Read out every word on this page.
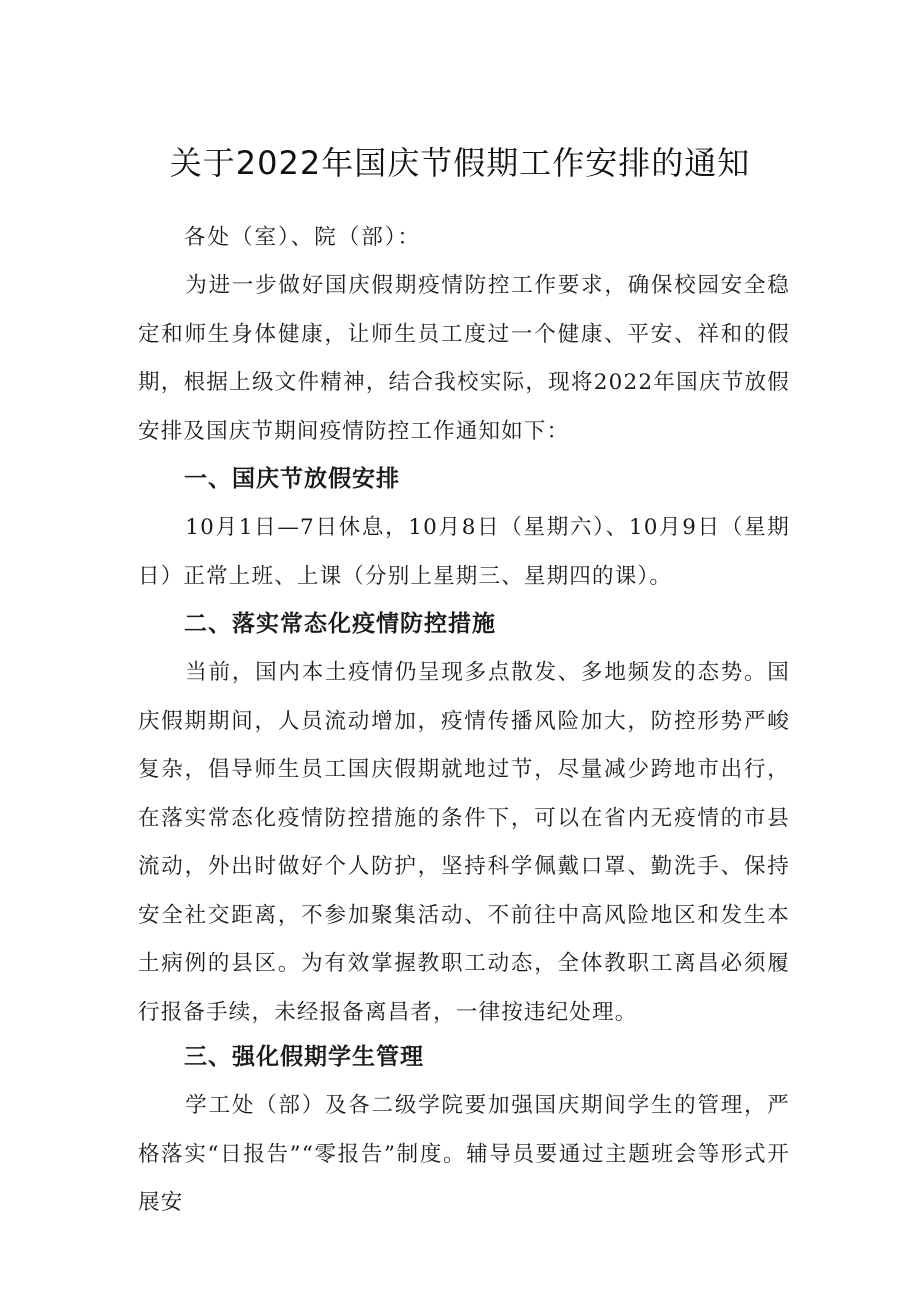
关于2022年国庆节假期工作安排的通知

各处（室）、院（部）：

为进一步做好国庆假期疫情防控工作要求，确保校园安全稳定和师生身体健康，让师生员工度过一个健康、平安、祥和的假期，根据上级文件精神，结合我校实际，现将2022年国庆节放假安排及国庆节期间疫情防控工作通知如下：

一、国庆节放假安排

10月1日—7日休息，10月8日（星期六）、10月9日（星期日）正常上班、上课（分别上星期三、星期四的课）。

二、落实常态化疫情防控措施

当前，国内本土疫情仍呈现多点散发、多地频发的态势。国庆假期期间，人员流动增加，疫情传播风险加大，防控形势严峻复杂，倡导师生员工国庆假期就地过节，尽量减少跨地市出行，在落实常态化疫情防控措施的条件下，可以在省内无疫情的市县流动，外出时做好个人防护，坚持科学佩戴口罩、勤洗手、保持安全社交距离，不参加聚集活动、不前往中高风险地区和发生本土病例的县区。为有效掌握教职工动态，全体教职工离昌必须履行报备手续，未经报备离昌者，一律按违纪处理。

三、强化假期学生管理

学工处（部）及各二级学院要加强国庆期间学生的管理，严格落实“日报告”“零报告”制度。辅导员要通过主题班会等形式开展安
